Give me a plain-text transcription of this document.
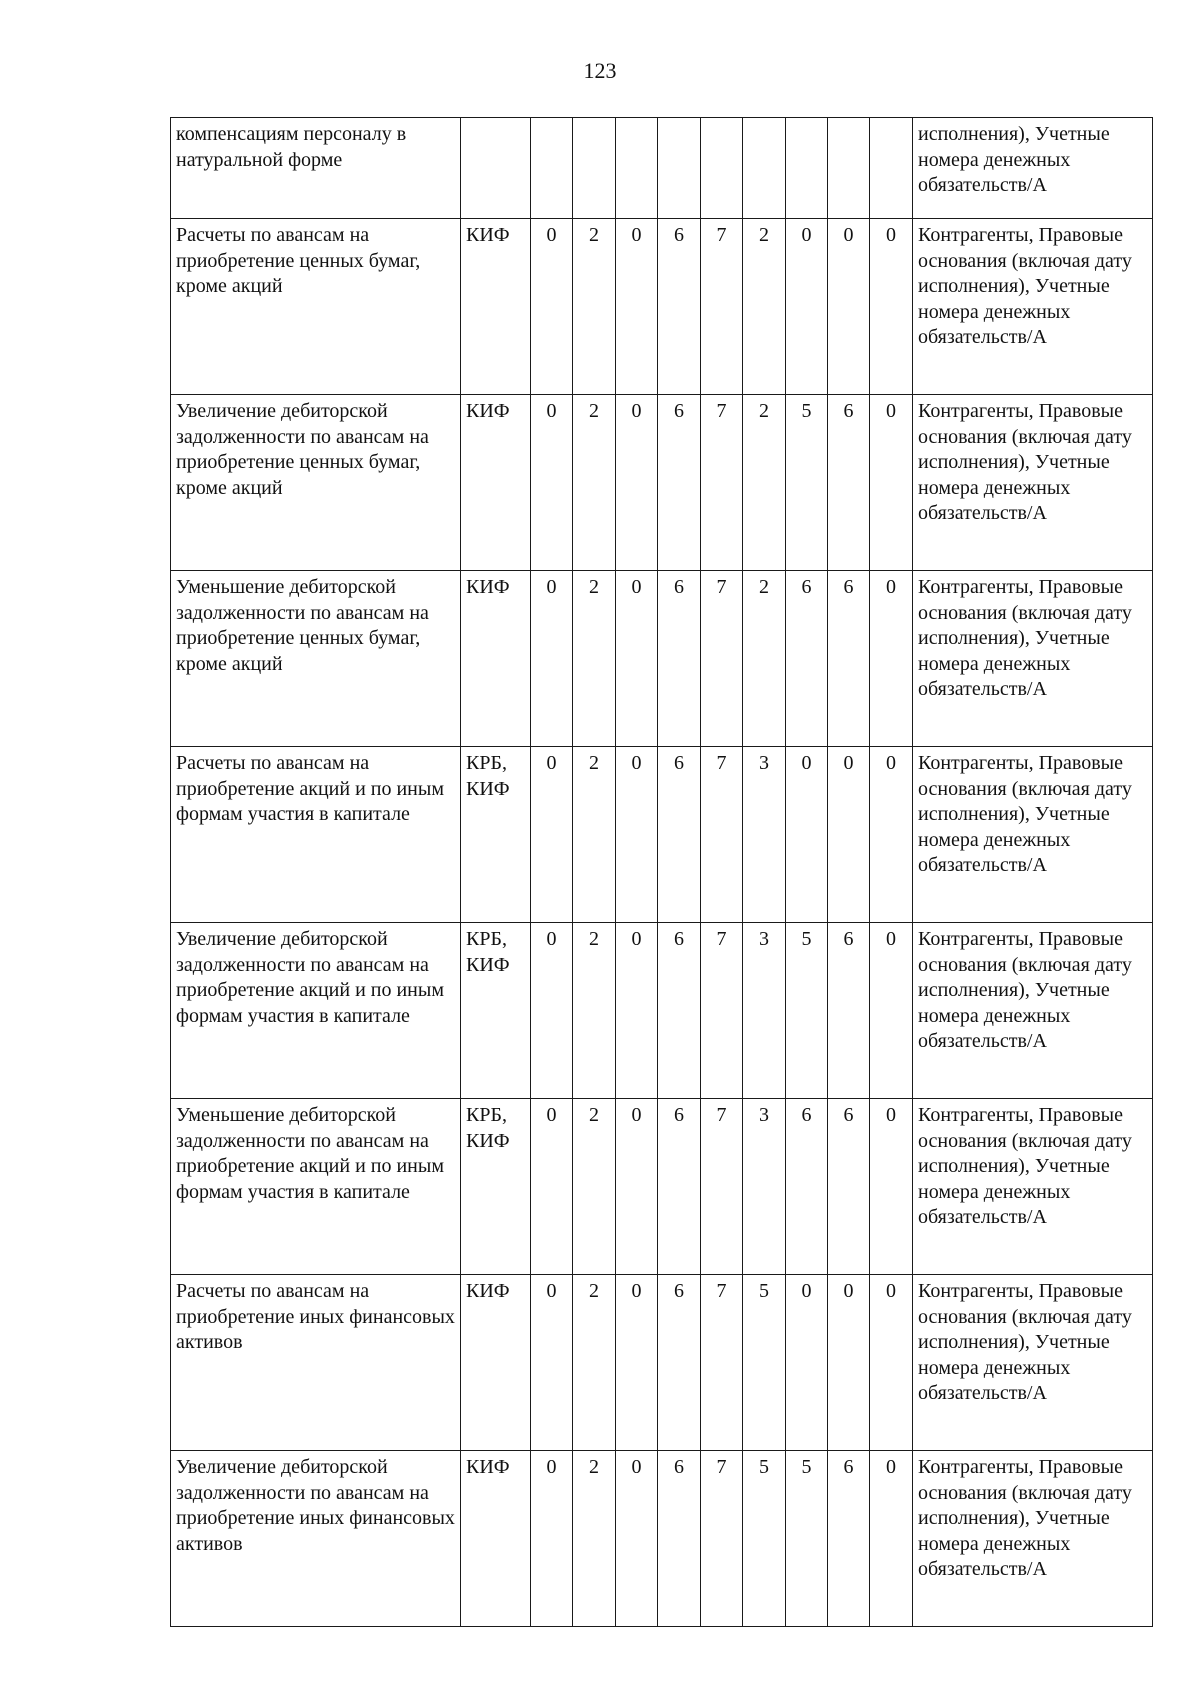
123
компенсациям персоналу в натуральной форме											исполнения), Учетные номера денежных обязательств/А
Расчеты по авансам на приобретение ценных бумаг, кроме акций	КИФ	0	2	0	6	7	2	0	0	0	Контрагенты, Правовые основания (включая дату исполнения), Учетные номера денежных обязательств/А
Увеличение дебиторской задолженности по авансам на приобретение ценных бумаг, кроме акций	КИФ	0	2	0	6	7	2	5	6	0	Контрагенты, Правовые основания (включая дату исполнения), Учетные номера денежных обязательств/А
Уменьшение дебиторской задолженности по авансам на приобретение ценных бумаг, кроме акций	КИФ	0	2	0	6	7	2	6	6	0	Контрагенты, Правовые основания (включая дату исполнения), Учетные номера денежных обязательств/А
Расчеты по авансам на приобретение акций и по иным формам участия в капитале	КРБ, КИФ	0	2	0	6	7	3	0	0	0	Контрагенты, Правовые основания (включая дату исполнения), Учетные номера денежных обязательств/А
Увеличение дебиторской задолженности по авансам на приобретение акций и по иным формам участия в капитале	КРБ, КИФ	0	2	0	6	7	3	5	6	0	Контрагенты, Правовые основания (включая дату исполнения), Учетные номера денежных обязательств/А
Уменьшение дебиторской задолженности по авансам на приобретение акций и по иным формам участия в капитале	КРБ, КИФ	0	2	0	6	7	3	6	6	0	Контрагенты, Правовые основания (включая дату исполнения), Учетные номера денежных обязательств/А
Расчеты по авансам на приобретение иных финансовых активов	КИФ	0	2	0	6	7	5	0	0	0	Контрагенты, Правовые основания (включая дату исполнения), Учетные номера денежных обязательств/А
Увеличение дебиторской задолженности по авансам на приобретение иных финансовых активов	КИФ	0	2	0	6	7	5	5	6	0	Контрагенты, Правовые основания (включая дату исполнения), Учетные номера денежных обязательств/А
